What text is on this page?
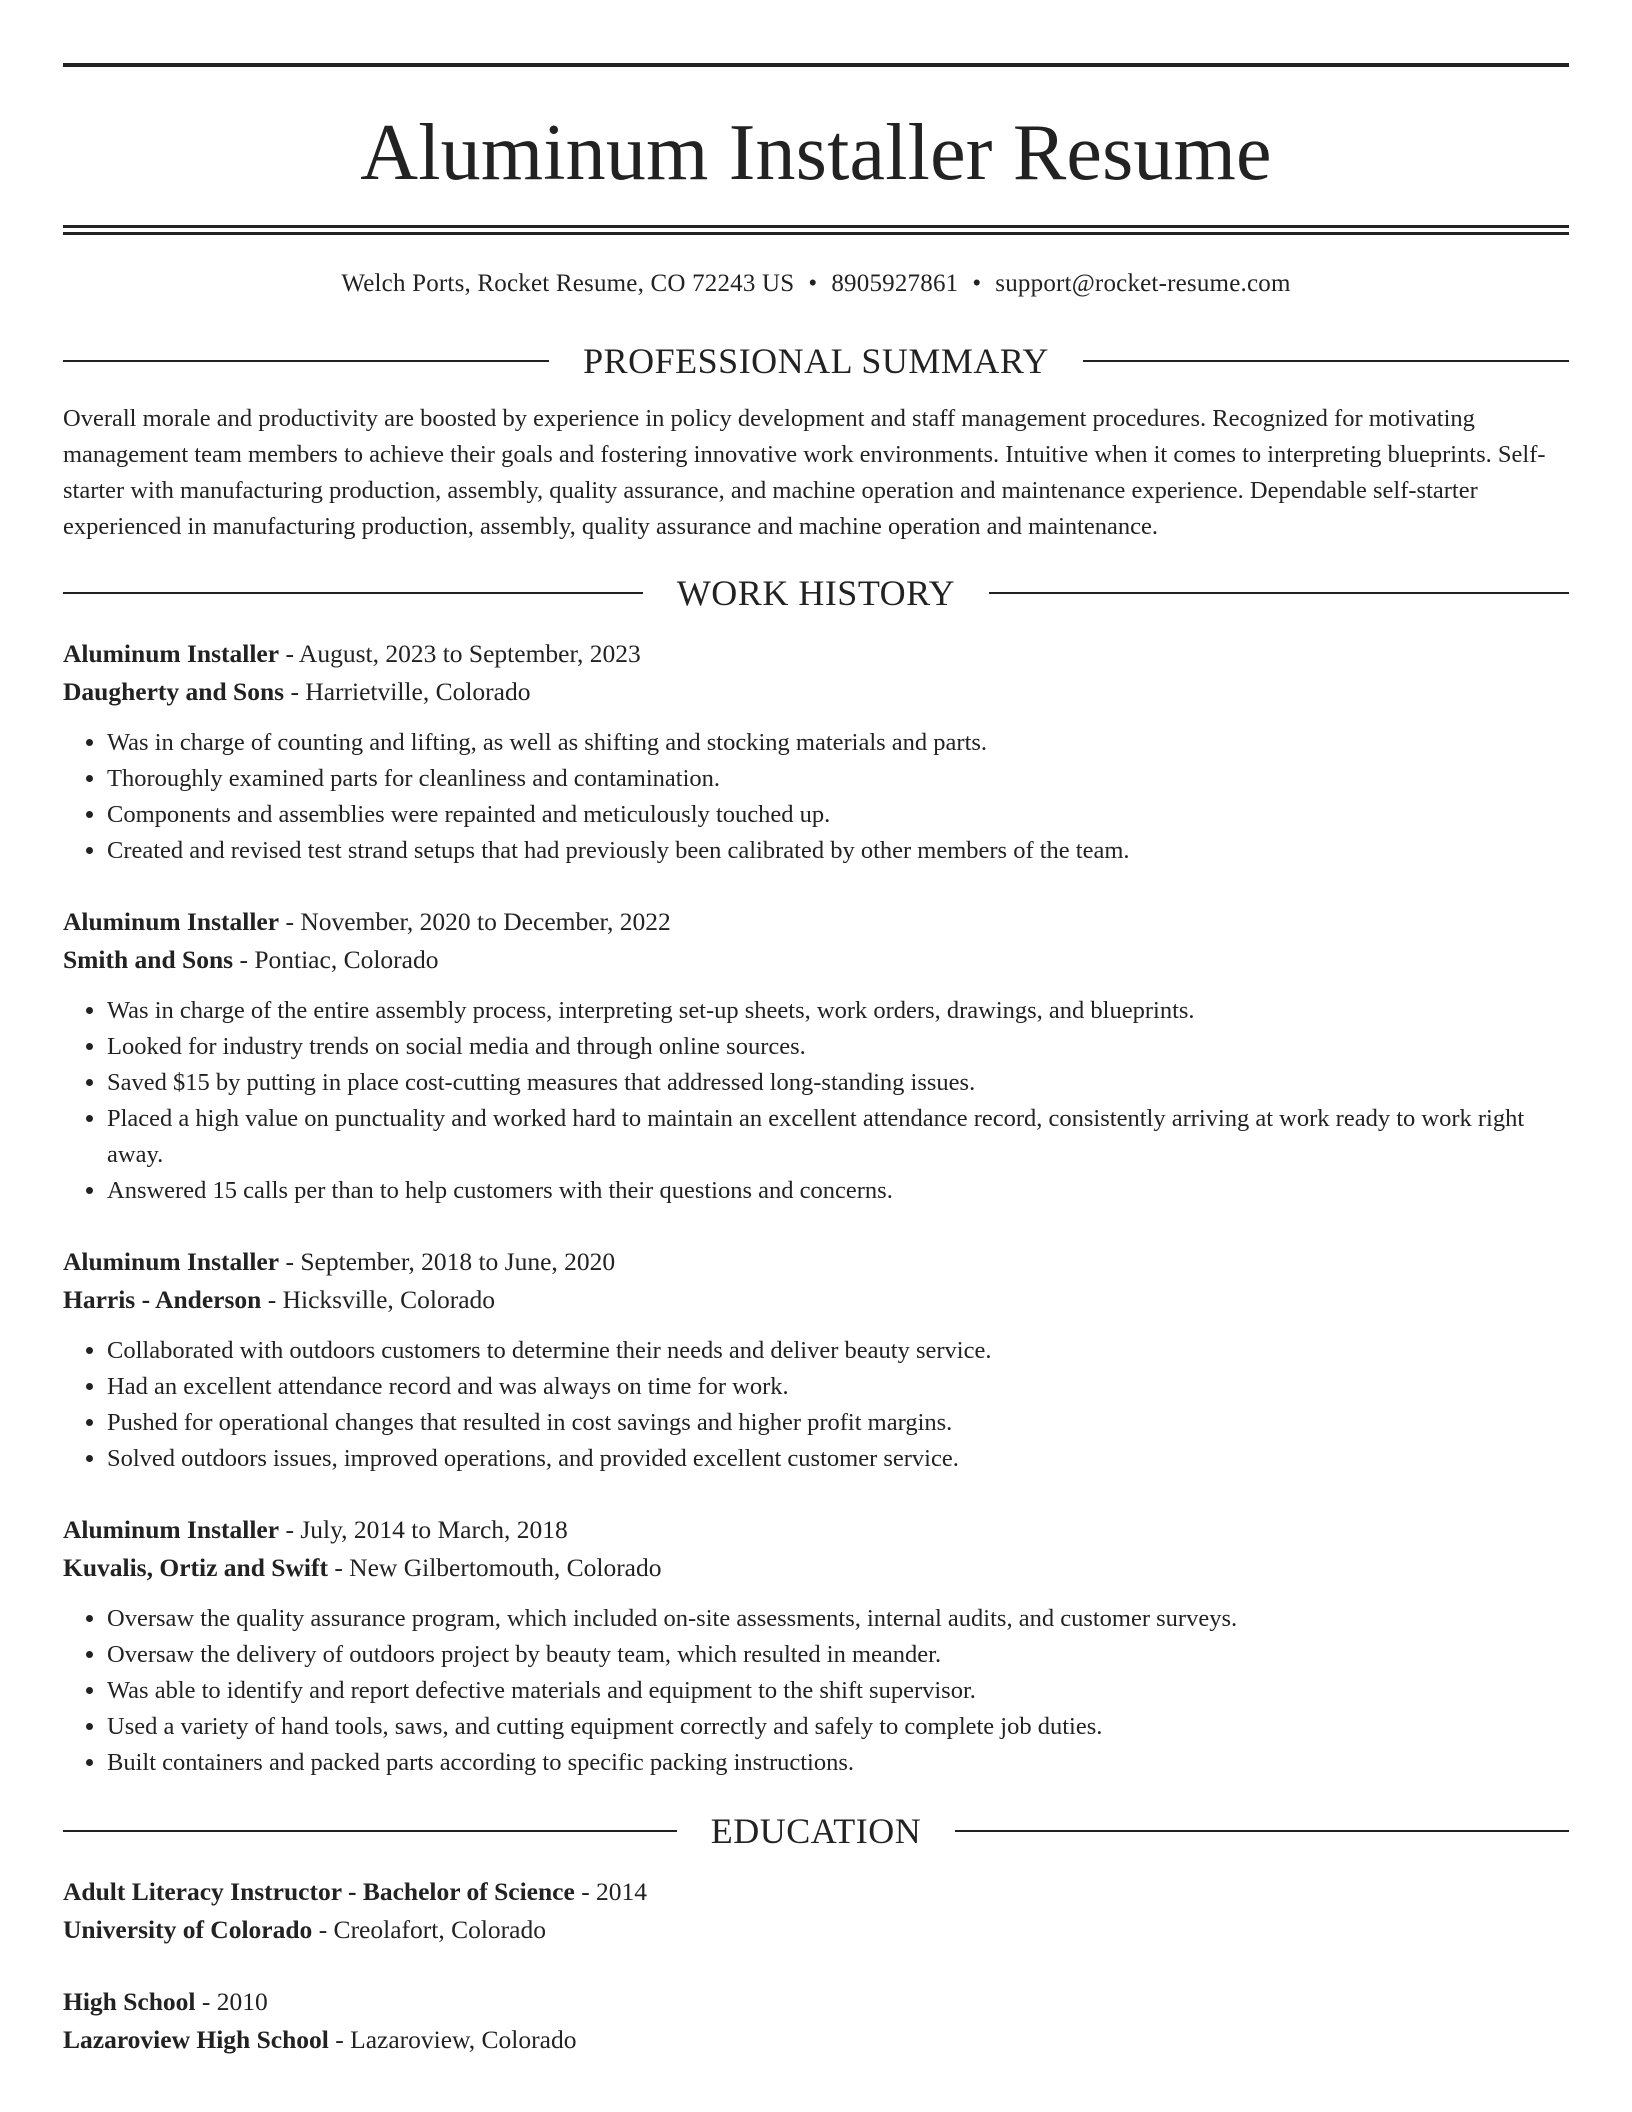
Aluminum Installer Resume
Welch Ports, Rocket Resume, CO 72243 US • 8905927861 • support@rocket-resume.com
PROFESSIONAL SUMMARY
Overall morale and productivity are boosted by experience in policy development and staff management procedures. Recognized for motivating management team members to achieve their goals and fostering innovative work environments. Intuitive when it comes to interpreting blueprints. Self-starter with manufacturing production, assembly, quality assurance, and machine operation and maintenance experience. Dependable self-starter experienced in manufacturing production, assembly, quality assurance and machine operation and maintenance.
WORK HISTORY
Aluminum Installer - August, 2023 to September, 2023
Daugherty and Sons - Harrietville, Colorado
• Was in charge of counting and lifting, as well as shifting and stocking materials and parts.
• Thoroughly examined parts for cleanliness and contamination.
• Components and assemblies were repainted and meticulously touched up.
• Created and revised test strand setups that had previously been calibrated by other members of the team.
Aluminum Installer - November, 2020 to December, 2022
Smith and Sons - Pontiac, Colorado
• Was in charge of the entire assembly process, interpreting set-up sheets, work orders, drawings, and blueprints.
• Looked for industry trends on social media and through online sources.
• Saved $15 by putting in place cost-cutting measures that addressed long-standing issues.
• Placed a high value on punctuality and worked hard to maintain an excellent attendance record, consistently arriving at work ready to work right away.
• Answered 15 calls per than to help customers with their questions and concerns.
Aluminum Installer - September, 2018 to June, 2020
Harris - Anderson - Hicksville, Colorado
• Collaborated with outdoors customers to determine their needs and deliver beauty service.
• Had an excellent attendance record and was always on time for work.
• Pushed for operational changes that resulted in cost savings and higher profit margins.
• Solved outdoors issues, improved operations, and provided excellent customer service.
Aluminum Installer - July, 2014 to March, 2018
Kuvalis, Ortiz and Swift - New Gilbertomouth, Colorado
• Oversaw the quality assurance program, which included on-site assessments, internal audits, and customer surveys.
• Oversaw the delivery of outdoors project by beauty team, which resulted in meander.
• Was able to identify and report defective materials and equipment to the shift supervisor.
• Used a variety of hand tools, saws, and cutting equipment correctly and safely to complete job duties.
• Built containers and packed parts according to specific packing instructions.
EDUCATION
Adult Literacy Instructor - Bachelor of Science - 2014
University of Colorado - Creolafort, Colorado
High School - 2010
Lazaroview High School - Lazaroview, Colorado
